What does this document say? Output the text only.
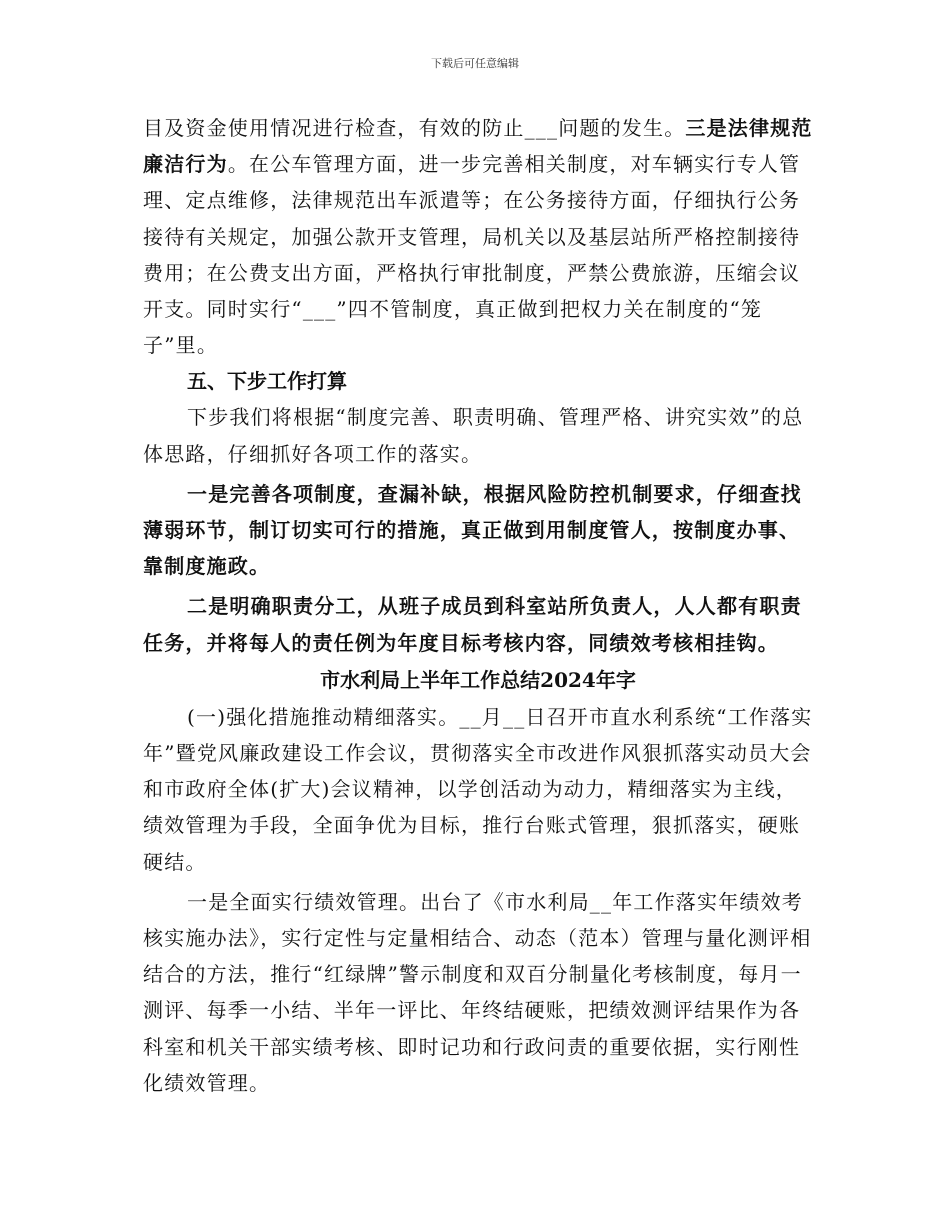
下载后可任意编辑

目及资金使用情况进行检查，有效的防止___问题的发生。三是法律规范廉洁行为。在公车管理方面，进一步完善相关制度，对车辆实行专人管理、定点维修，法律规范出车派遣等；在公务接待方面，仔细执行公务接待有关规定，加强公款开支管理，局机关以及基层站所严格控制接待费用；在公费支出方面，严格执行审批制度，严禁公费旅游，压缩会议开支。同时实行“___”四不管制度，真正做到把权力关在制度的“笼子”里。

五、下步工作打算

下步我们将根据“制度完善、职责明确、管理严格、讲究实效”的总体思路，仔细抓好各项工作的落实。

一是完善各项制度，查漏补缺，根据风险防控机制要求，仔细查找薄弱环节，制订切实可行的措施，真正做到用制度管人，按制度办事、靠制度施政。

二是明确职责分工，从班子成员到科室站所负责人，人人都有职责任务，并将每人的责任例为年度目标考核内容，同绩效考核相挂钩。

市水利局上半年工作总结2024年字

(一)强化措施推动精细落实。__月__日召开市直水利系统“工作落实年”暨党风廉政建设工作会议，贯彻落实全市改进作风狠抓落实动员大会和市政府全体(扩大)会议精神，以学创活动为动力，精细落实为主线，绩效管理为手段，全面争优为目标，推行台账式管理，狠抓落实，硬账硬结。

一是全面实行绩效管理。出台了《市水利局__年工作落实年绩效考核实施办法》，实行定性与定量相结合、动态（范本）管理与量化测评相结合的方法，推行“红绿牌”警示制度和双百分制量化考核制度，每月一测评、每季一小结、半年一评比、年终结硬账，把绩效测评结果作为各科室和机关干部实绩考核、即时记功和行政问责的重要依据，实行刚性化绩效管理。
